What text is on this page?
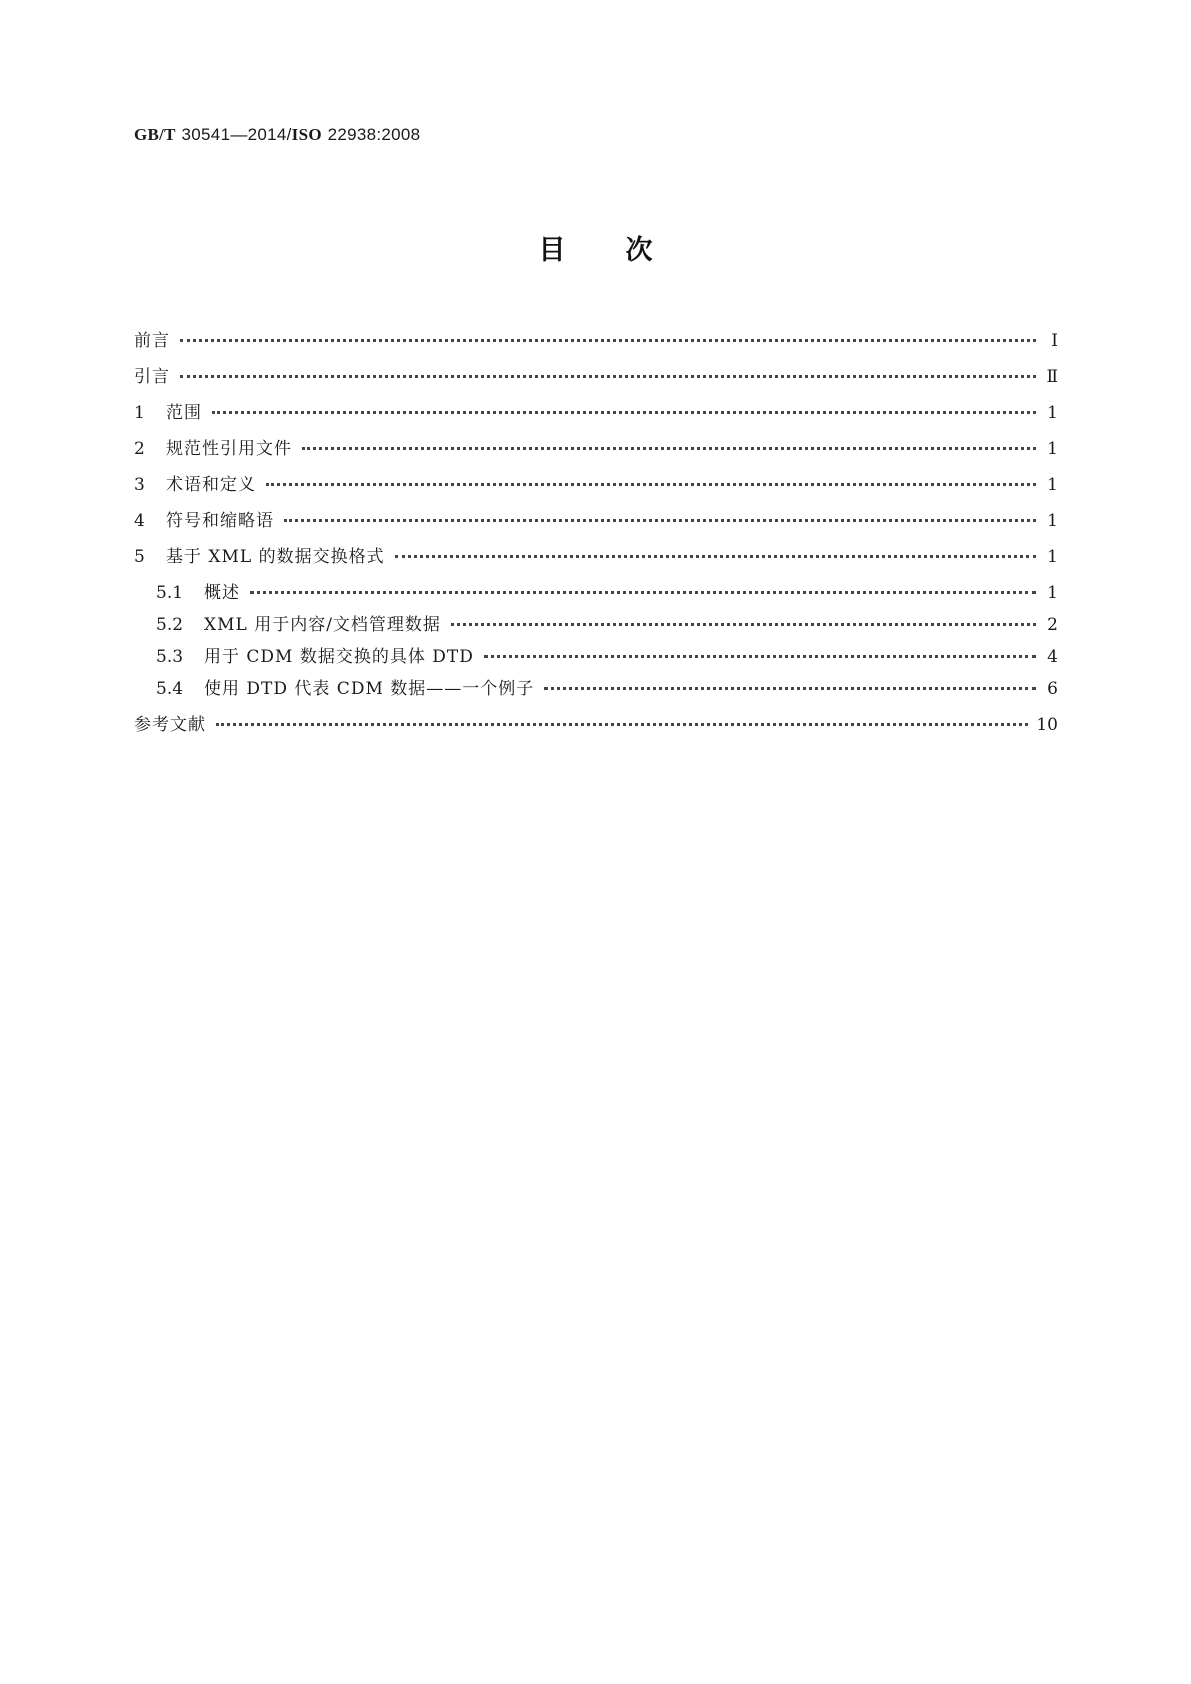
GB/T 30541—2014/ISO 22938:2008
目次
前言	Ⅰ
引言	Ⅱ
1	范围	1
2	规范性引用文件	1
3	术语和定义	1
4	符号和缩略语	1
5	基于 XML 的数据交换格式	1
5.1	概述	1
5.2	XML 用于内容/文档管理数据	2
5.3	用于 CDM 数据交换的具体 DTD	4
5.4	使用 DTD 代表 CDM 数据——一个例子	6
参考文献	10
